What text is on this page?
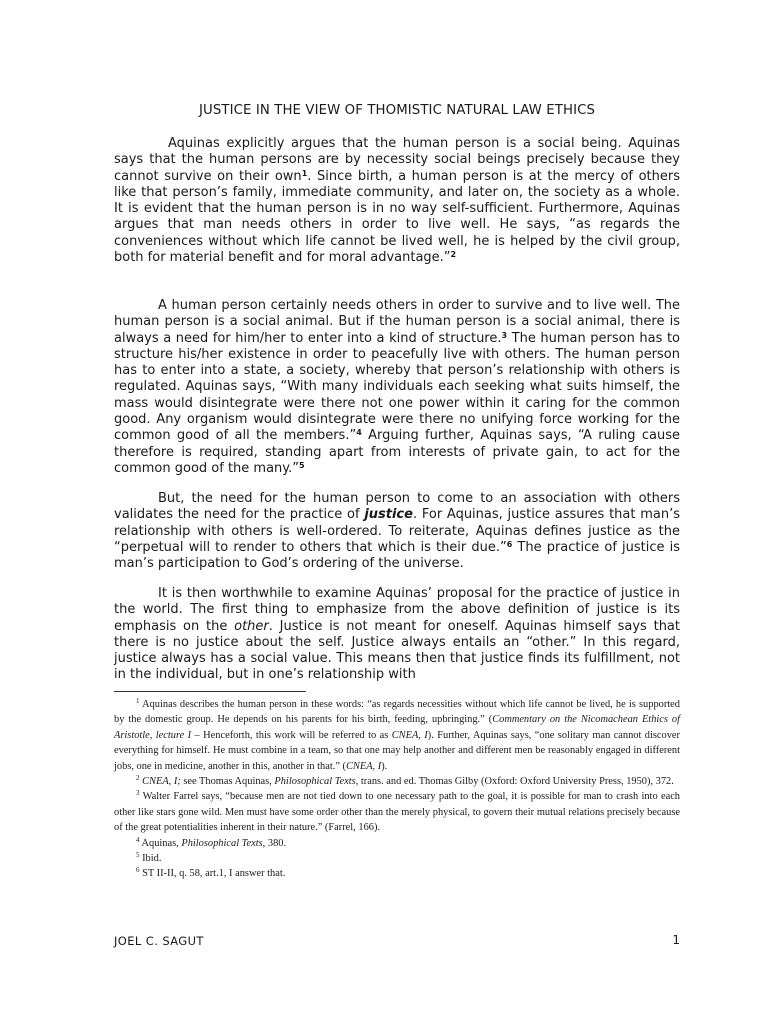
JUSTICE IN THE VIEW OF THOMISTIC NATURAL LAW ETHICS

Aquinas explicitly argues that the human person is a social being. Aquinas says that the human persons are by necessity social beings precisely because they cannot survive on their own$^1$. Since birth, a human person is at the mercy of others like that person’s family, immediate community, and later on, the society as a whole. It is evident that the human person is in no way self-sufficient. Furthermore, Aquinas argues that man needs others in order to live well. He says, “as regards the conveniences without which life cannot be lived well, he is helped by the civil group, both for material benefit and for moral advantage.”$^2$

A human person certainly needs others in order to survive and to live well. The human person is a social animal. But if the human person is a social animal, there is always a need for him/her to enter into a kind of structure.$^3$ The human person has to structure his/her existence in order to peacefully live with others. The human person has to enter into a state, a society, whereby that person’s relationship with others is regulated. Aquinas says, “With many individuals each seeking what suits himself, the mass would disintegrate were there not one power within it caring for the common good. Any organism would disintegrate were there no unifying force working for the common good of all the members.”$^4$ Arguing further, Aquinas says, “A ruling cause therefore is required, standing apart from interests of private gain, to act for the common good of the many.”$^5$

But, the need for the human person to come to an association with others validates the need for the practice of justice. For Aquinas, justice assures that man’s relationship with others is well-ordered. To reiterate, Aquinas defines justice as the “perpetual will to render to others that which is their due.”$^6$ The practice of justice is man’s participation to God’s ordering of the universe.

It is then worthwhile to examine Aquinas’ proposal for the practice of justice in the world. The first thing to emphasize from the above definition of justice is its emphasis on the other. Justice is not meant for oneself. Aquinas himself says that there is no justice about the self. Justice always entails an “other.” In this regard, justice always has a social value. This means then that justice finds its fulfillment, not in the individual, but in one’s relationship with

$^1$ Aquinas describes the human person in these words: “as regards necessities without which life cannot be lived, he is supported by the domestic group. He depends on his parents for his birth, feeding, upbringing.” (Commentary on the Nicomachean Ethics of Aristotle, lecture I – Henceforth, this work will be referred to as CNEA, I). Further, Aquinas says, “one solitary man cannot discover everything for himself. He must combine in a team, so that one may help another and different men be reasonably engaged in different jobs, one in medicine, another in this, another in that.” (CNEA, I).

$^2$ CNEA, I; see Thomas Aquinas, Philosophical Texts, trans. and ed. Thomas Gilby (Oxford: Oxford University Press, 1950), 372.

$^3$ Walter Farrel says, “because men are not tied down to one necessary path to the goal, it is possible for man to crash into each other like stars gone wild. Men must have some order other than the merely physical, to govern their mutual relations precisely because of the great potentialities inherent in their nature.” (Farrel, 166).

$^4$ Aquinas, Philosophical Texts, 380.

$^5$ Ibid.

$^6$ ST II-II, q. 58, art.1, I answer that.

JOEL C. SAGUT	1
